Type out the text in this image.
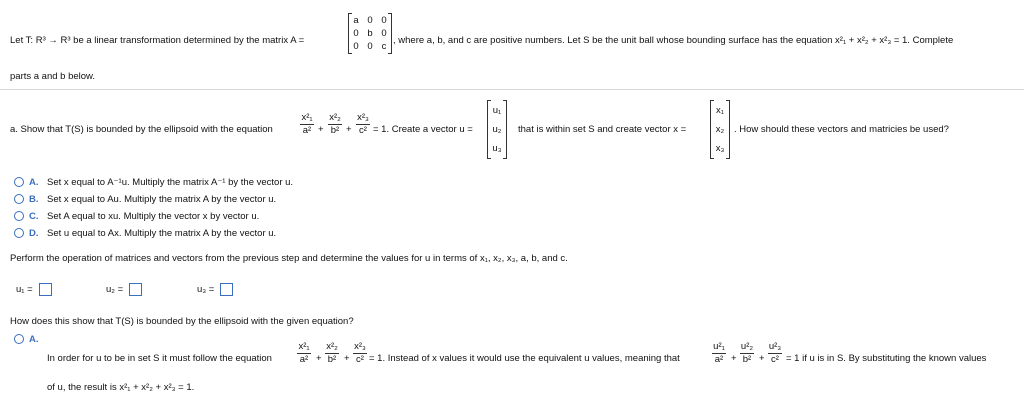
Let T: R³ → R³ be a linear transformation determined by the matrix A =
a 0 0
0 b 0
0 0 c
, where a, b, and c are positive numbers. Let S be the unit ball whose bounding surface has the equation x²₁ + x²₂ + x²₃ = 1. Complete
parts a and b below.
a. Show that T(S) is bounded by the ellipsoid with the equation	$\frac{\text{x²₁}}{\text{a²}} + \frac{\text{x²₂}}{\text{b²}} + \frac{\text{x²₃}}{\text{c²}} = 1$. Create a vector u =
u₁
u₂
u₃
that is within set S and create vector x =
x₁
x₂
x₃
. How should these vectors and matricies be used?
A. Set x equal to A⁻¹u. Multiply the matrix A⁻¹ by the vector u.
B. Set x equal to Au. Multiply the matrix A by the vector u.
C. Set A equal to xu. Multiply the vector x by vector u.
D. Set u equal to Ax. Multiply the matrix A by the vector u.
Perform the operation of matrices and vectors from the previous step and determine the values for u in terms of x₁, x₂, x₃, a, b, and c.
u₁ =	u₂ =	u₃ =
How does this show that T(S) is bounded by the ellipsoid with the given equation?
A.
In order for u to be in set S it must follow the equation	$\frac{\text{x²₁}}{\text{a²}} + \frac{\text{x²₂}}{\text{b²}} + \frac{\text{x²₃}}{\text{c²}} = 1$. Instead of x values it would use the equivalent u values, meaning that	$\frac{\text{u²₁}}{\text{a²}} + \frac{\text{u²₂}}{\text{b²}} + \frac{\text{u²₃}}{\text{c²}} = 1$ if u is in S. By substituting the known values
of u, the result is x²₁ + x²₂ + x²₃ = 1.
